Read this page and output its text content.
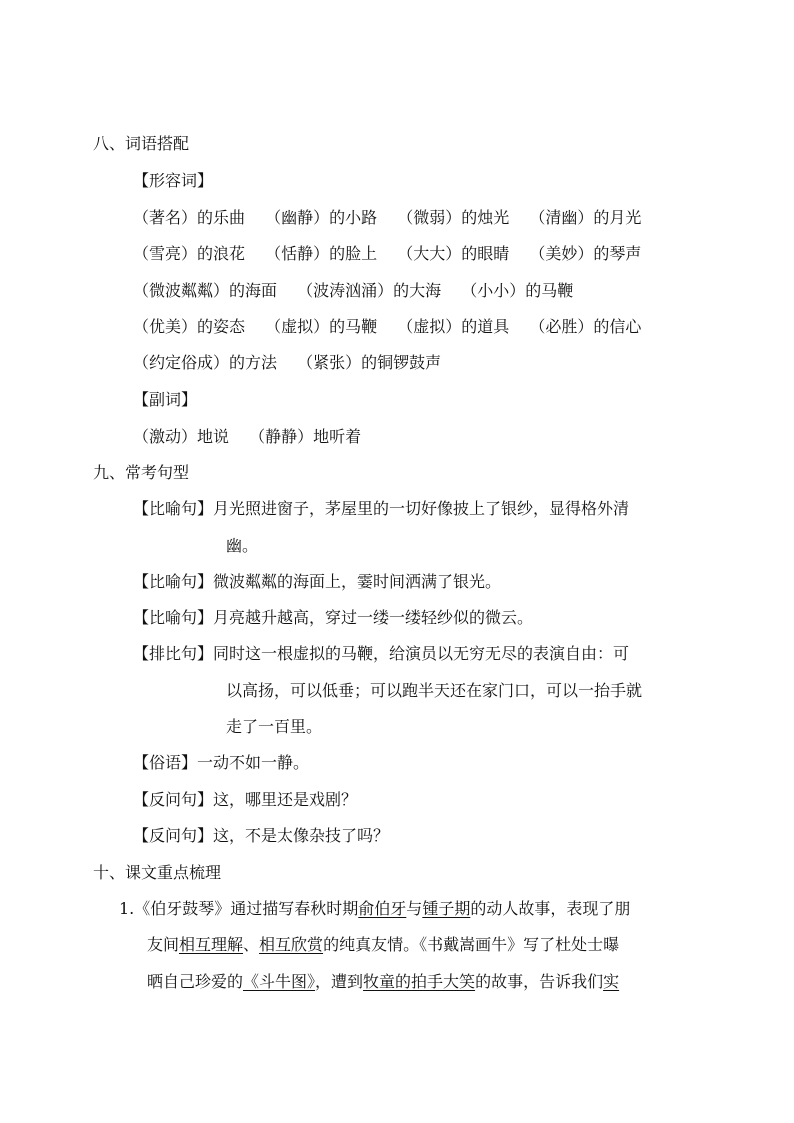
八、词语搭配
【形容词】
（著名）的乐曲 （幽静）的小路 （微弱）的烛光 （清幽）的月光
（雪亮）的浪花 （恬静）的脸上 （大大）的眼睛 （美妙）的琴声
（微波粼粼）的海面 （波涛汹涌）的大海 （小小）的马鞭
（优美）的姿态 （虚拟）的马鞭 （虚拟）的道具 （必胜）的信心
（约定俗成）的方法 （紧张）的铜锣鼓声
【副词】
（激动）地说 （静静）地听着
九、常考句型
【比喻句】月光照进窗子，茅屋里的一切好像披上了银纱，显得格外清
幽。
【比喻句】微波粼粼的海面上，霎时间洒满了银光。
【比喻句】月亮越升越高，穿过一缕一缕轻纱似的微云。
【排比句】同时这一根虚拟的马鞭，给演员以无穷无尽的表演自由：可
以高扬，可以低垂；可以跑半天还在家门口，可以一抬手就
走了一百里。
【俗语】一动不如一静。
【反问句】这，哪里还是戏剧？
【反问句】这，不是太像杂技了吗？
十、课文重点梳理
1.《伯牙鼓琴》通过描写春秋时期俞伯牙与锺子期的动人故事，表现了朋
友间相互理解、相互欣赏的纯真友情。《书戴嵩画牛》写了杜处士曝
晒自己珍爱的《斗牛图》，遭到牧童的拍手大笑的故事，告诉我们实
